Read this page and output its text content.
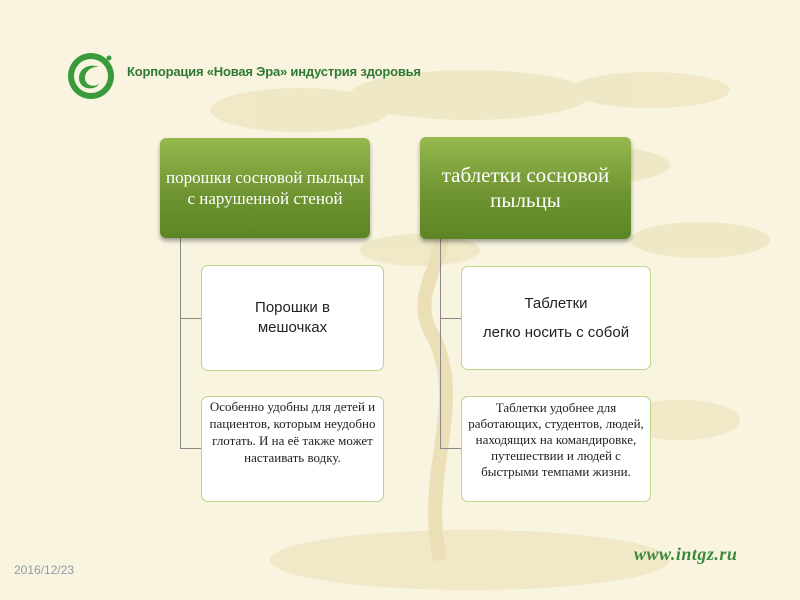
Корпорация «Новая Эра» индустрия здоровья
порошки сосновой пыльцы с нарушенной стеной
таблетки сосновой пыльцы
Порошки в мешочках
Особенно удобны для детей и пациентов, которым неудобно глотать. И на её также может настаивать водку.
Таблетки
легко носить с собой
Таблетки удобнее для работающих, студентов, людей, находящих на командировке, путешествии и людей с быстрыми темпами жизни.
2016/12/23
www.intgz.ru
